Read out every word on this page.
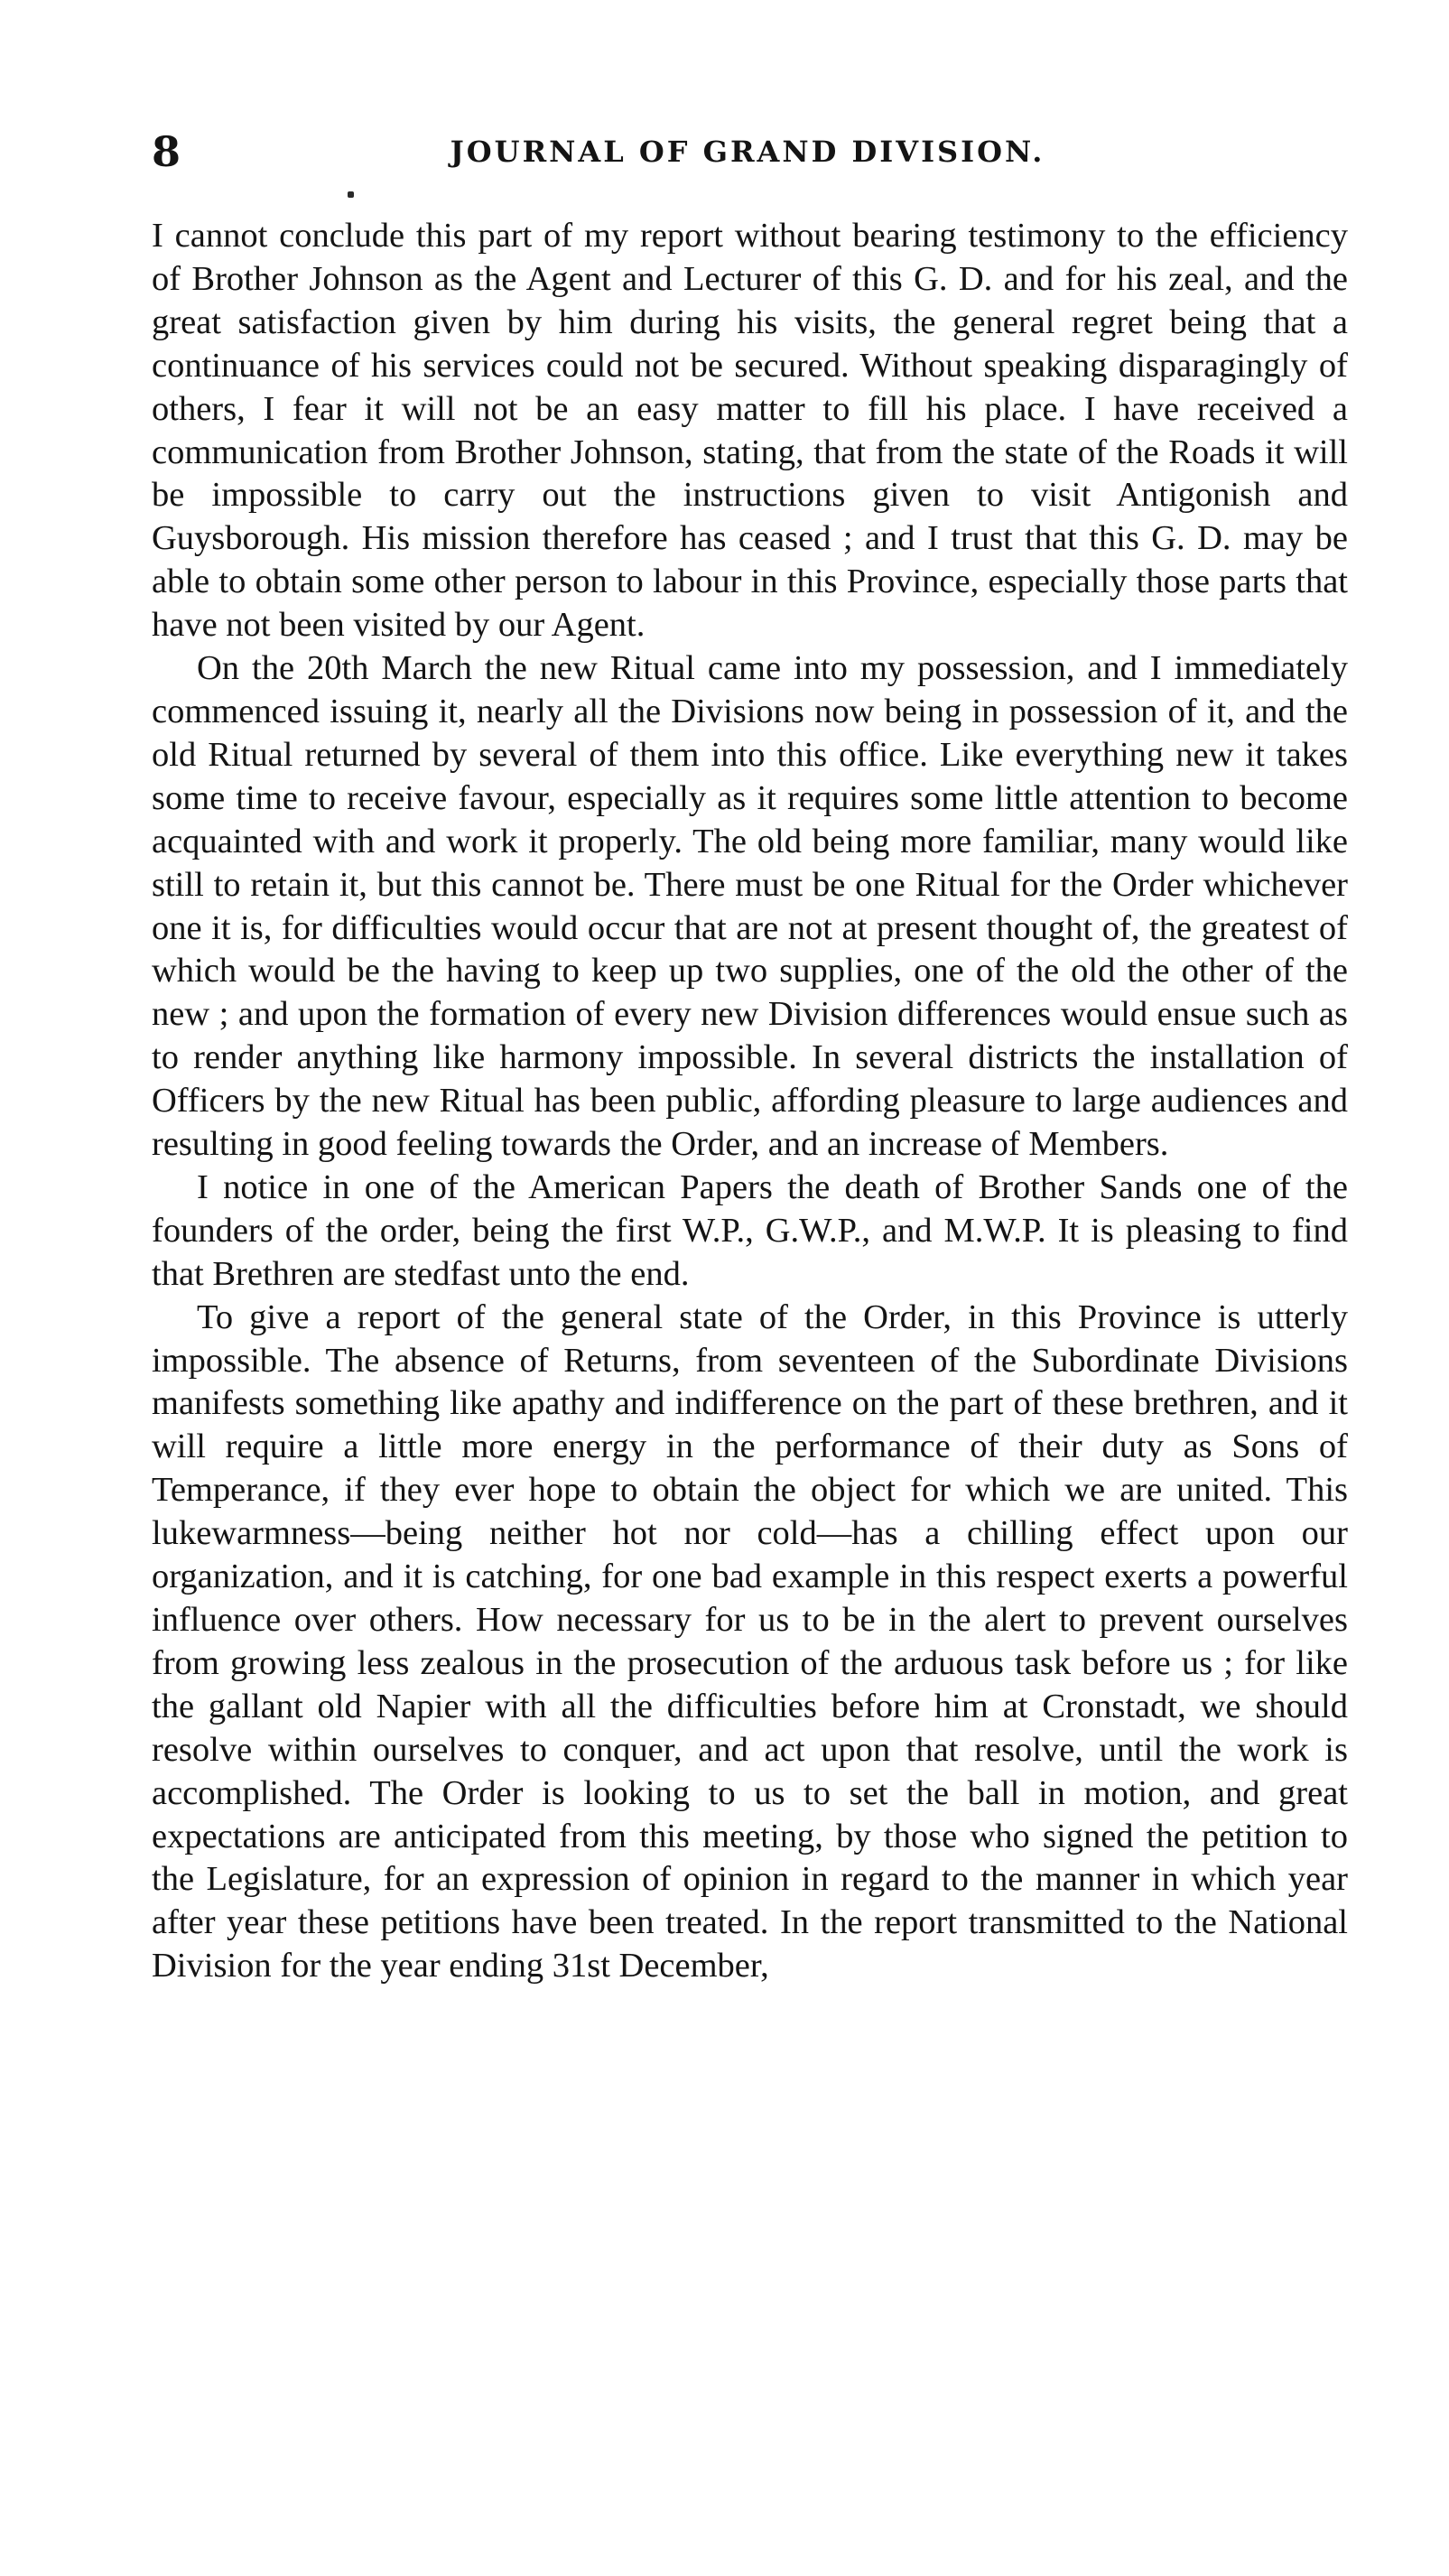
8	JOURNAL OF GRAND DIVISION.

I cannot conclude this part of my report without bearing testimony to the efficiency of Brother Johnson as the Agent and Lecturer of this G. D. and for his zeal, and the great satisfaction given by him during his visits, the general regret being that a continuance of his services could not be secured. Without speaking disparagingly of others, I fear it will not be an easy matter to fill his place. I have received a communication from Brother Johnson, stating, that from the state of the Roads it will be impossible to carry out the instructions given to visit Antigonish and Guysborough. His mission therefore has ceased ; and I trust that this G. D. may be able to obtain some other person to labour in this Province, especially those parts that have not been visited by our Agent.

On the 20th March the new Ritual came into my possession, and I immediately commenced issuing it, nearly all the Divisions now being in possession of it, and the old Ritual returned by several of them into this office. Like everything new it takes some time to receive favour, especially as it requires some little attention to become acquainted with and work it properly. The old being more familiar, many would like still to retain it, but this cannot be. There must be one Ritual for the Order whichever one it is, for difficulties would occur that are not at present thought of, the greatest of which would be the having to keep up two supplies, one of the old the other of the new ; and upon the formation of every new Division differences would ensue such as to render anything like harmony impossible. In several districts the installation of Officers by the new Ritual has been public, affording pleasure to large audiences and resulting in good feeling towards the Order, and an increase of Members.

I notice in one of the American Papers the death of Brother Sands one of the founders of the order, being the first W.P., G.W.P., and M.W.P. It is pleasing to find that Brethren are stedfast unto the end.

To give a report of the general state of the Order, in this Province is utterly impossible. The absence of Returns, from seventeen of the Subordinate Divisions manifests something like apathy and indifference on the part of these brethren, and it will require a little more energy in the performance of their duty as Sons of Temperance, if they ever hope to obtain the object for which we are united. This lukewarmness—being neither hot nor cold—has a chilling effect upon our organization, and it is catching, for one bad example in this respect exerts a powerful influence over others. How necessary for us to be in the alert to prevent ourselves from growing less zealous in the prosecution of the arduous task before us ; for like the gallant old Napier with all the difficulties before him at Cronstadt, we should resolve within ourselves to conquer, and act upon that resolve, until the work is accomplished. The Order is looking to us to set the ball in motion, and great expectations are anticipated from this meeting, by those who signed the petition to the Legislature, for an expression of opinion in regard to the manner in which year after year these petitions have been treated. In the report transmitted to the National Division for the year ending 31st December,
